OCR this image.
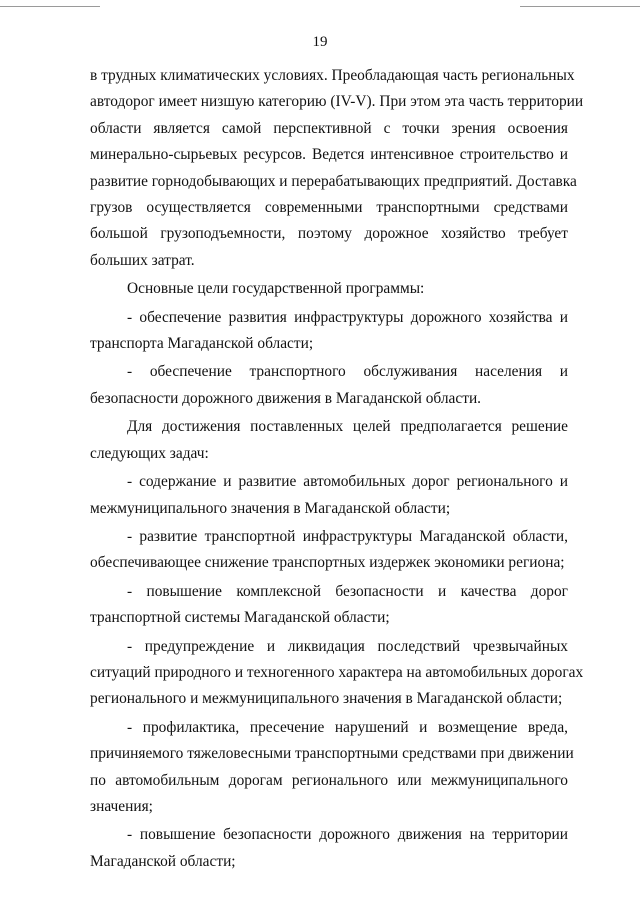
19
в трудных климатических условиях. Преобладающая часть региональных
автодорог имеет низшую категорию (IV-V). При этом эта часть территории
области является самой перспективной с точки зрения освоения
минерально-сырьевых ресурсов. Ведется интенсивное строительство и
развитие горнодобывающих и перерабатывающих предприятий. Доставка
грузов осуществляется современными транспортными средствами
большой грузоподъемности, поэтому дорожное хозяйство требует
больших затрат.
Основные цели государственной программы:
- обеспечение развития инфраструктуры дорожного хозяйства и
транспорта Магаданской области;
- обеспечение транспортного обслуживания населения и
безопасности дорожного движения в Магаданской области.
Для достижения поставленных целей предполагается решение
следующих задач:
- содержание и развитие автомобильных дорог регионального и
межмуниципального значения в Магаданской области;
- развитие транспортной инфраструктуры Магаданской области,
обеспечивающее снижение транспортных издержек экономики региона;
- повышение комплексной безопасности и качества дорог
транспортной системы Магаданской области;
- предупреждение и ликвидация последствий чрезвычайных
ситуаций природного и техногенного характера на автомобильных дорогах
регионального и межмуниципального значения в Магаданской области;
- профилактика, пресечение нарушений и возмещение вреда,
причиняемого тяжеловесными транспортными средствами при движении
по автомобильным дорогам регионального или межмуниципального
значения;
- повышение безопасности дорожного движения на территории
Магаданской области;
